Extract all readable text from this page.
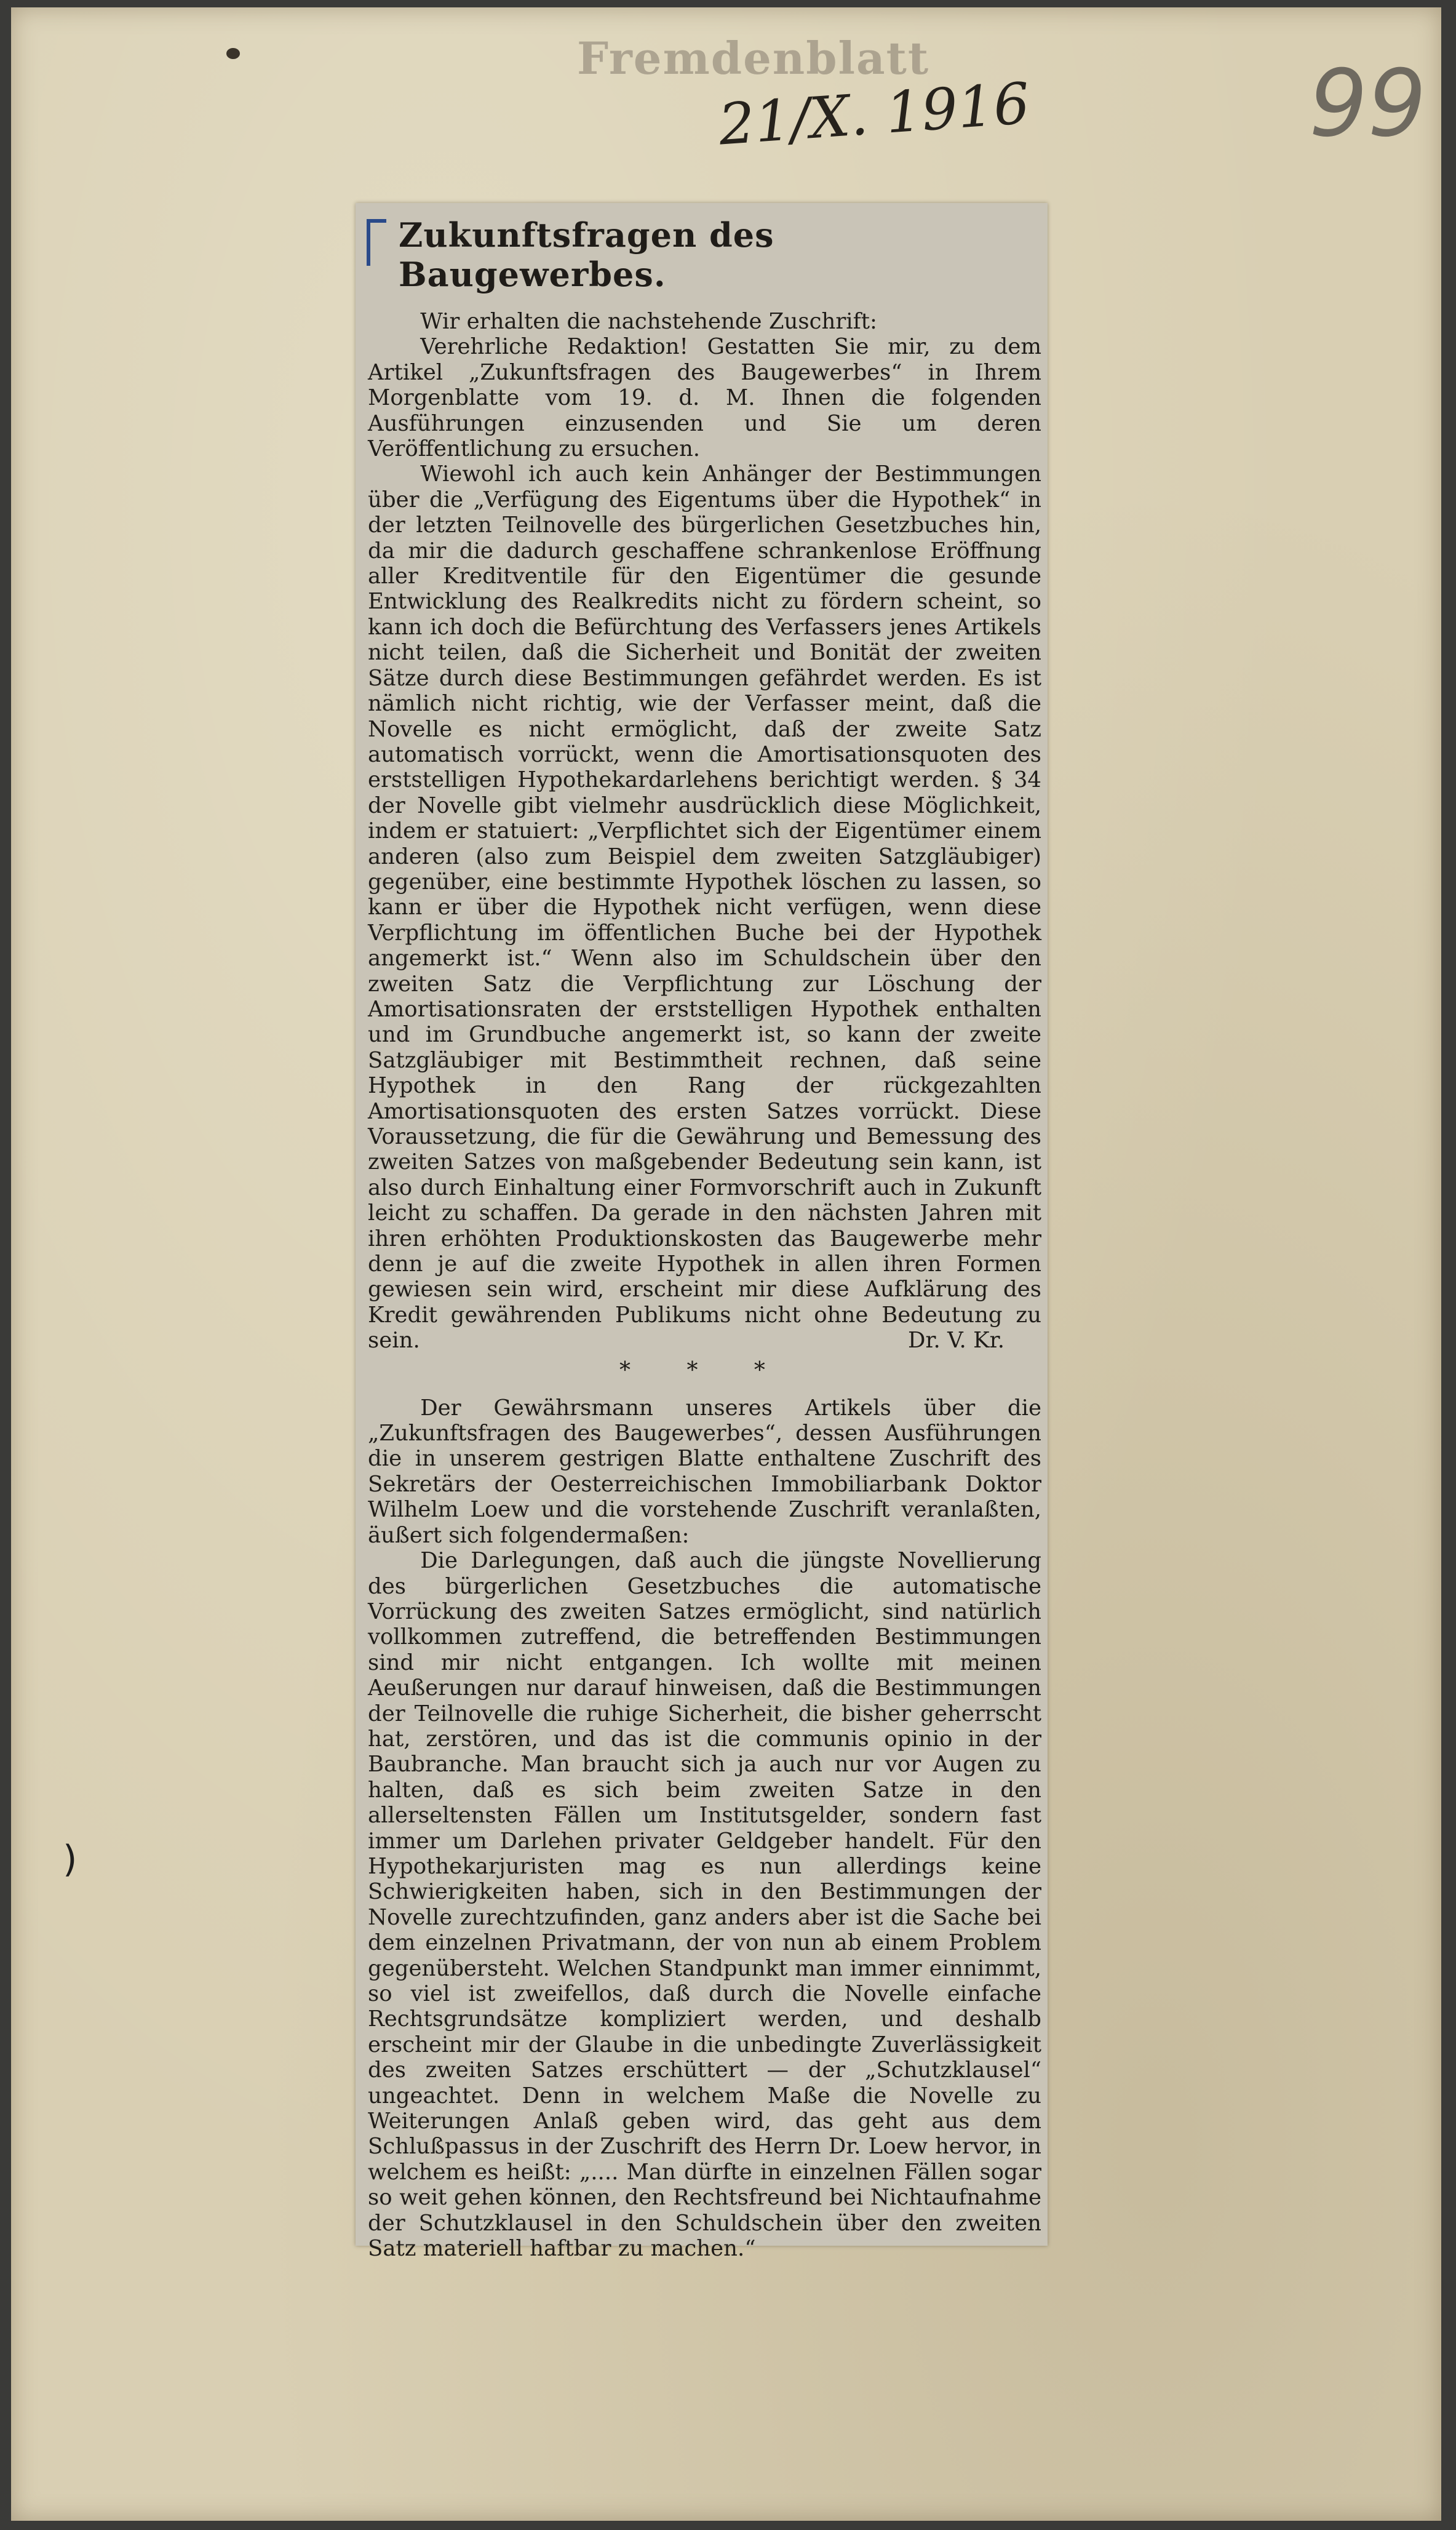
Fremdenblatt
21/X. 1916	99
)
Zukunftsfragen des Baugewerbes.

Wir erhalten die nachstehende Zuschrift:

Verehrliche Redaktion! Gestatten Sie mir, zu dem Artikel „Zukunftsfragen des Baugewerbes“ in Ihrem Morgenblatte vom 19. d. M. Ihnen die folgenden Ausführungen einzusenden und Sie um deren Veröffentlichung zu ersuchen.

Wiewohl ich auch kein Anhänger der Bestimmungen über die „Verfügung des Eigentums über die Hypothek“ in der letzten Teilnovelle des bürgerlichen Gesetzbuches hin, da mir die dadurch geschaffene schrankenlose Eröffnung aller Kreditventile für den Eigentümer die gesunde Entwicklung des Realkredits nicht zu fördern scheint, so kann ich doch die Befürchtung des Verfassers jenes Artikels nicht teilen, daß die Sicherheit und Bonität der zweiten Sätze durch diese Bestimmungen gefährdet werden. Es ist nämlich nicht richtig, wie der Verfasser meint, daß die Novelle es nicht ermöglicht, daß der zweite Satz automatisch vorrückt, wenn die Amortisationsquoten des erststelligen Hypothekardarlehens berichtigt werden. § 34 der Novelle gibt vielmehr ausdrücklich diese Möglichkeit, indem er statuiert: „Verpflichtet sich der Eigentümer einem anderen (also zum Beispiel dem zweiten Satzgläubiger) gegenüber, eine bestimmte Hypothek löschen zu lassen, so kann er über die Hypothek nicht verfügen, wenn diese Verpflichtung im öffentlichen Buche bei der Hypothek angemerkt ist.“ Wenn also im Schuldschein über den zweiten Satz die Verpflichtung zur Löschung der Amortisationsraten der erststelligen Hypothek enthalten und im Grundbuche angemerkt ist, so kann der zweite Satzgläubiger mit Bestimmtheit rechnen, daß seine Hypothek in den Rang der rückgezahlten Amortisationsquoten des ersten Satzes vorrückt. Diese Voraussetzung, die für die Gewährung und Bemessung des zweiten Satzes von maßgebender Bedeutung sein kann, ist also durch Einhaltung einer Formvorschrift auch in Zukunft leicht zu schaffen. Da gerade in den nächsten Jahren mit ihren erhöhten Produktionskosten das Baugewerbe mehr denn je auf die zweite Hypothek in allen ihren Formen gewiesen sein wird, erscheint mir diese Aufklärung des Kredit gewährenden Publikums nicht ohne Bedeutung zu sein.	Dr. V. Kr.
* * *

Der Gewährsmann unseres Artikels über die „Zukunftsfragen des Baugewerbes“, dessen Ausführungen die in unserem gestrigen Blatte enthaltene Zuschrift des Sekretärs der Oesterreichischen Immobiliarbank Doktor Wilhelm Loew und die vorstehende Zuschrift veranlaßten, äußert sich folgendermaßen:

Die Darlegungen, daß auch die jüngste Novellierung des bürgerlichen Gesetzbuches die automatische Vorrückung des zweiten Satzes ermöglicht, sind natürlich vollkommen zutreffend, die betreffenden Bestimmungen sind mir nicht entgangen. Ich wollte mit meinen Aeußerungen nur darauf hinweisen, daß die Bestimmungen der Teilnovelle die ruhige Sicherheit, die bisher geherrscht hat, zerstören, und das ist die communis opinio in der Baubranche. Man braucht sich ja auch nur vor Augen zu halten, daß es sich beim zweiten Satze in den allerseltensten Fällen um Institutsgelder, sondern fast immer um Darlehen privater Geldgeber handelt. Für den Hypothekarjuristen mag es nun allerdings keine Schwierigkeiten haben, sich in den Bestimmungen der Novelle zurechtzufinden, ganz anders aber ist die Sache bei dem einzelnen Privatmann, der von nun ab einem Problem gegenübersteht. Welchen Standpunkt man immer einnimmt, so viel ist zweifellos, daß durch die Novelle einfache Rechtsgrundsätze kompliziert werden, und deshalb erscheint mir der Glaube in die unbedingte Zuverlässigkeit des zweiten Satzes erschüttert — der „Schutzklausel“ ungeachtet. Denn in welchem Maße die Novelle zu Weiterungen Anlaß geben wird, das geht aus dem Schlußpassus in der Zuschrift des Herrn Dr. Loew hervor, in welchem es heißt: „.... Man dürfte in einzelnen Fällen sogar so weit gehen können, den Rechtsfreund bei Nichtaufnahme der Schutzklausel in den Schuldschein über den zweiten Satz materiell haftbar zu machen.“
